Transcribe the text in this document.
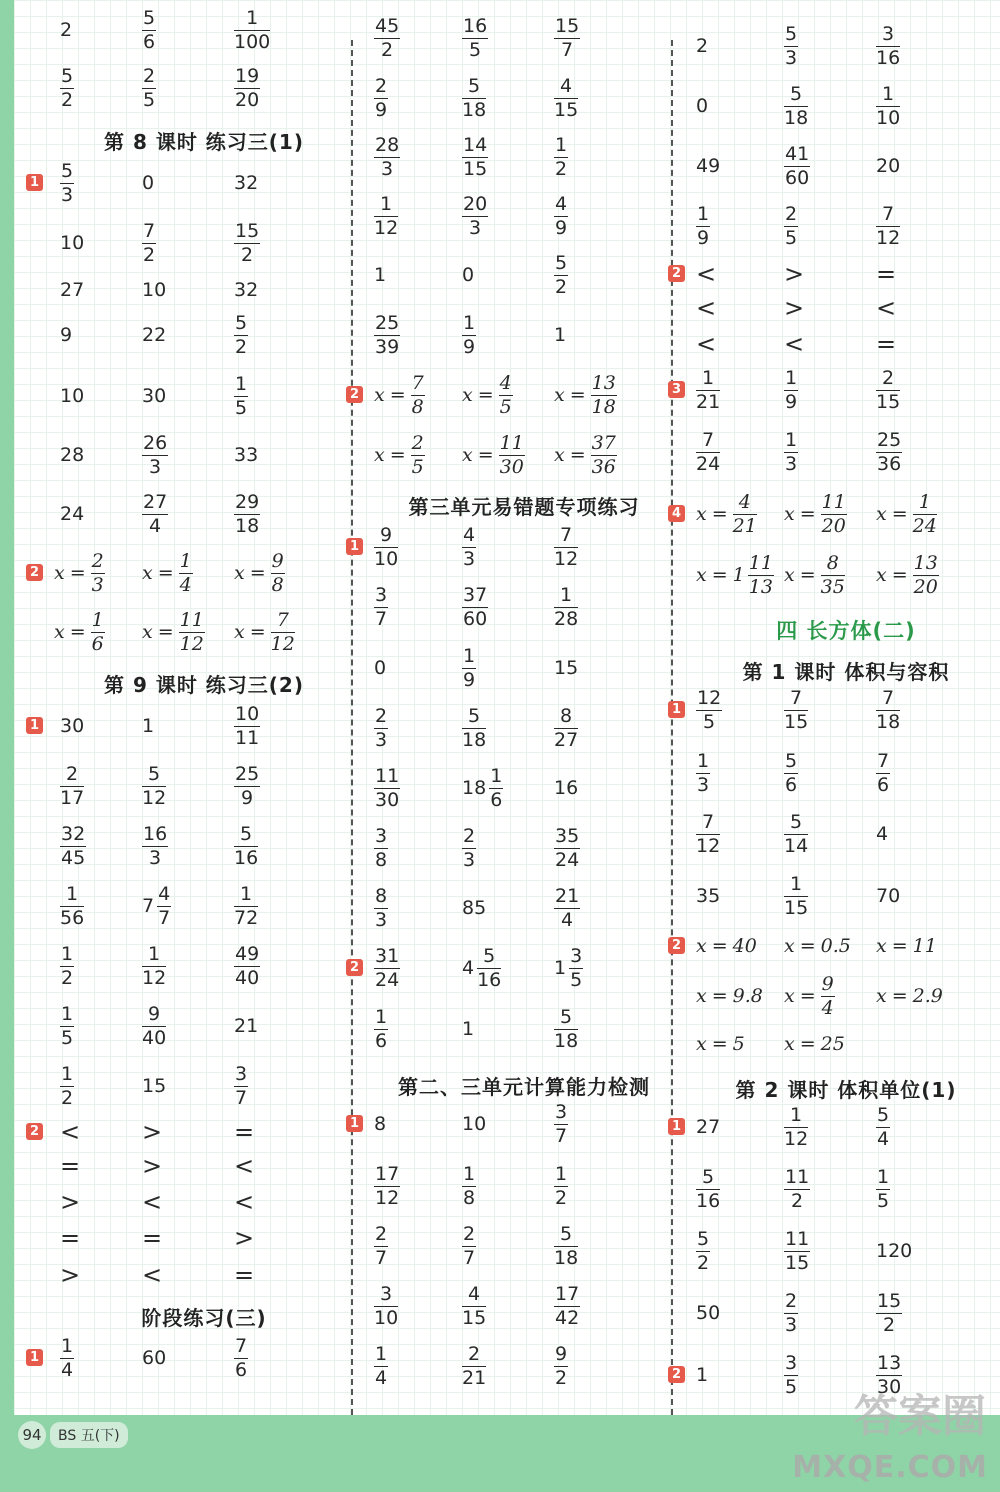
2	$\frac{5}{6}$	$\frac{1}{100}$
$\frac{5}{2}$	$\frac{2}{5}$	$\frac{19}{20}$
第 8 课时 练习三(1)
$1 \frac{5}{3}$	0	32
10	$\frac{7}{2}$	$\frac{15}{2}$
27	10	32
9	22	$\frac{5}{2}$
10	30	$\frac{1}{5}$
28	$\frac{26}{3}$	33
24	$\frac{27}{4}$	$\frac{29}{18}$
2 $x = \frac{2}{3}$ $x = \frac{1}{4}$ $x = \frac{9}{8}$
$x = \frac{1}{6}$ $x = \frac{11}{12}$ $x = \frac{7}{12}$
第 9 课时 练习三(2)
1 30	1	$\frac{10}{11}$
$\frac{2}{17}$	$\frac{5}{12}$	$\frac{25}{9}$
$\frac{32}{45}$	$\frac{16}{3}$	$\frac{5}{16}$
$\frac{1}{56}$	$7 \frac{4}{7}$	$\frac{1}{72}$
$\frac{1}{2}$	$\frac{1}{12}$	$\frac{49}{40}$
$\frac{1}{5}$	$\frac{9}{40}$	21
$\frac{1}{2}$	15	$\frac{3}{7}$
2 <	>	=
=	>	<
>	<	<
=	=	>
>	<	=
阶段练习(三)
$1 \frac{1}{4}$	60	$\frac{7}{6}$
$\frac{45}{2}$	$\frac{16}{5}$	$\frac{15}{7}$
$\frac{2}{9}$	$\frac{5}{18}$	$\frac{4}{15}$
$\frac{28}{3}$	$\frac{14}{15}$	$\frac{1}{2}$
$\frac{1}{12}$	$\frac{20}{3}$	$\frac{4}{9}$
1	0	$\frac{5}{2}$
$\frac{25}{39}$	$\frac{1}{9}$	1
2 $x = \frac{7}{8}$ $x = \frac{4}{5}$ $x = \frac{13}{18}$
$x = \frac{2}{5}$ $x = \frac{11}{30}$ $x = \frac{37}{36}$
第三单元易错题专项练习
$1 \frac{9}{10}$	$\frac{4}{3}$	$\frac{7}{12}$
$\frac{3}{7}$	$\frac{37}{60}$	$\frac{1}{28}$
0	$\frac{1}{9}$	15
$\frac{2}{3}$	$\frac{5}{18}$	$\frac{8}{27}$
$\frac{11}{30}$	$18 \frac{1}{6}$	16
$\frac{3}{8}$	$\frac{2}{3}$	$\frac{35}{24}$
$\frac{8}{3}$	85	$\frac{21}{4}$
$2 \frac{31}{24}$	$4 \frac{5}{16}$	$1 \frac{3}{5}$
$\frac{1}{6}$	1	$\frac{5}{18}$
第二、三单元计算能力检测
1 8	10	$\frac{3}{7}$
$\frac{17}{12}$	$\frac{1}{8}$	$\frac{1}{2}$
$\frac{2}{7}$	$\frac{2}{7}$	$\frac{5}{18}$
$\frac{3}{10}$	$\frac{4}{15}$	$\frac{17}{42}$
$\frac{1}{4}$	$\frac{2}{21}$	$\frac{9}{2}$
2	$\frac{5}{3}$	$\frac{3}{16}$
0	$\frac{5}{18}$	$\frac{1}{10}$
49	$\frac{41}{60}$	20
$\frac{1}{9}$	$\frac{2}{5}$	$\frac{7}{12}$
2 <	>	=
<	>	<
<	<	=
$3 \frac{1}{21}$	$\frac{1}{9}$	$\frac{2}{15}$
$\frac{7}{24}$	$\frac{1}{3}$	$\frac{25}{36}$
4 $x = \frac{4}{21}$ $x = \frac{11}{20}$ $x = \frac{1}{24}$
$x = 1 \frac{11}{13}$ $x = \frac{8}{35}$ $x = \frac{13}{20}$
四 长方体(二)
第 1 课时 体积与容积
$1 \frac{12}{5}$	$\frac{7}{15}$	$\frac{7}{18}$
$\frac{1}{3}$	$\frac{5}{6}$	$\frac{7}{6}$
$\frac{7}{12}$	$\frac{5}{14}$	4
35	$\frac{1}{15}$	70
2 x = 40 x = 0.5 x = 11
x = 9.8 $x = \frac{9}{4}$ x = 2.9
x = 5 x = 25
第 2 课时 体积单位(1)
1 27	$\frac{1}{12}$	$\frac{5}{4}$
$\frac{5}{16}$	$\frac{11}{2}$	$\frac{1}{5}$
$\frac{5}{2}$	$\frac{11}{15}$	120
50	$\frac{2}{3}$	$\frac{15}{2}$
2 1	$\frac{3}{5}$	$\frac{13}{30}$
94	BS 五(下)	答案圈
MXQE.COM
